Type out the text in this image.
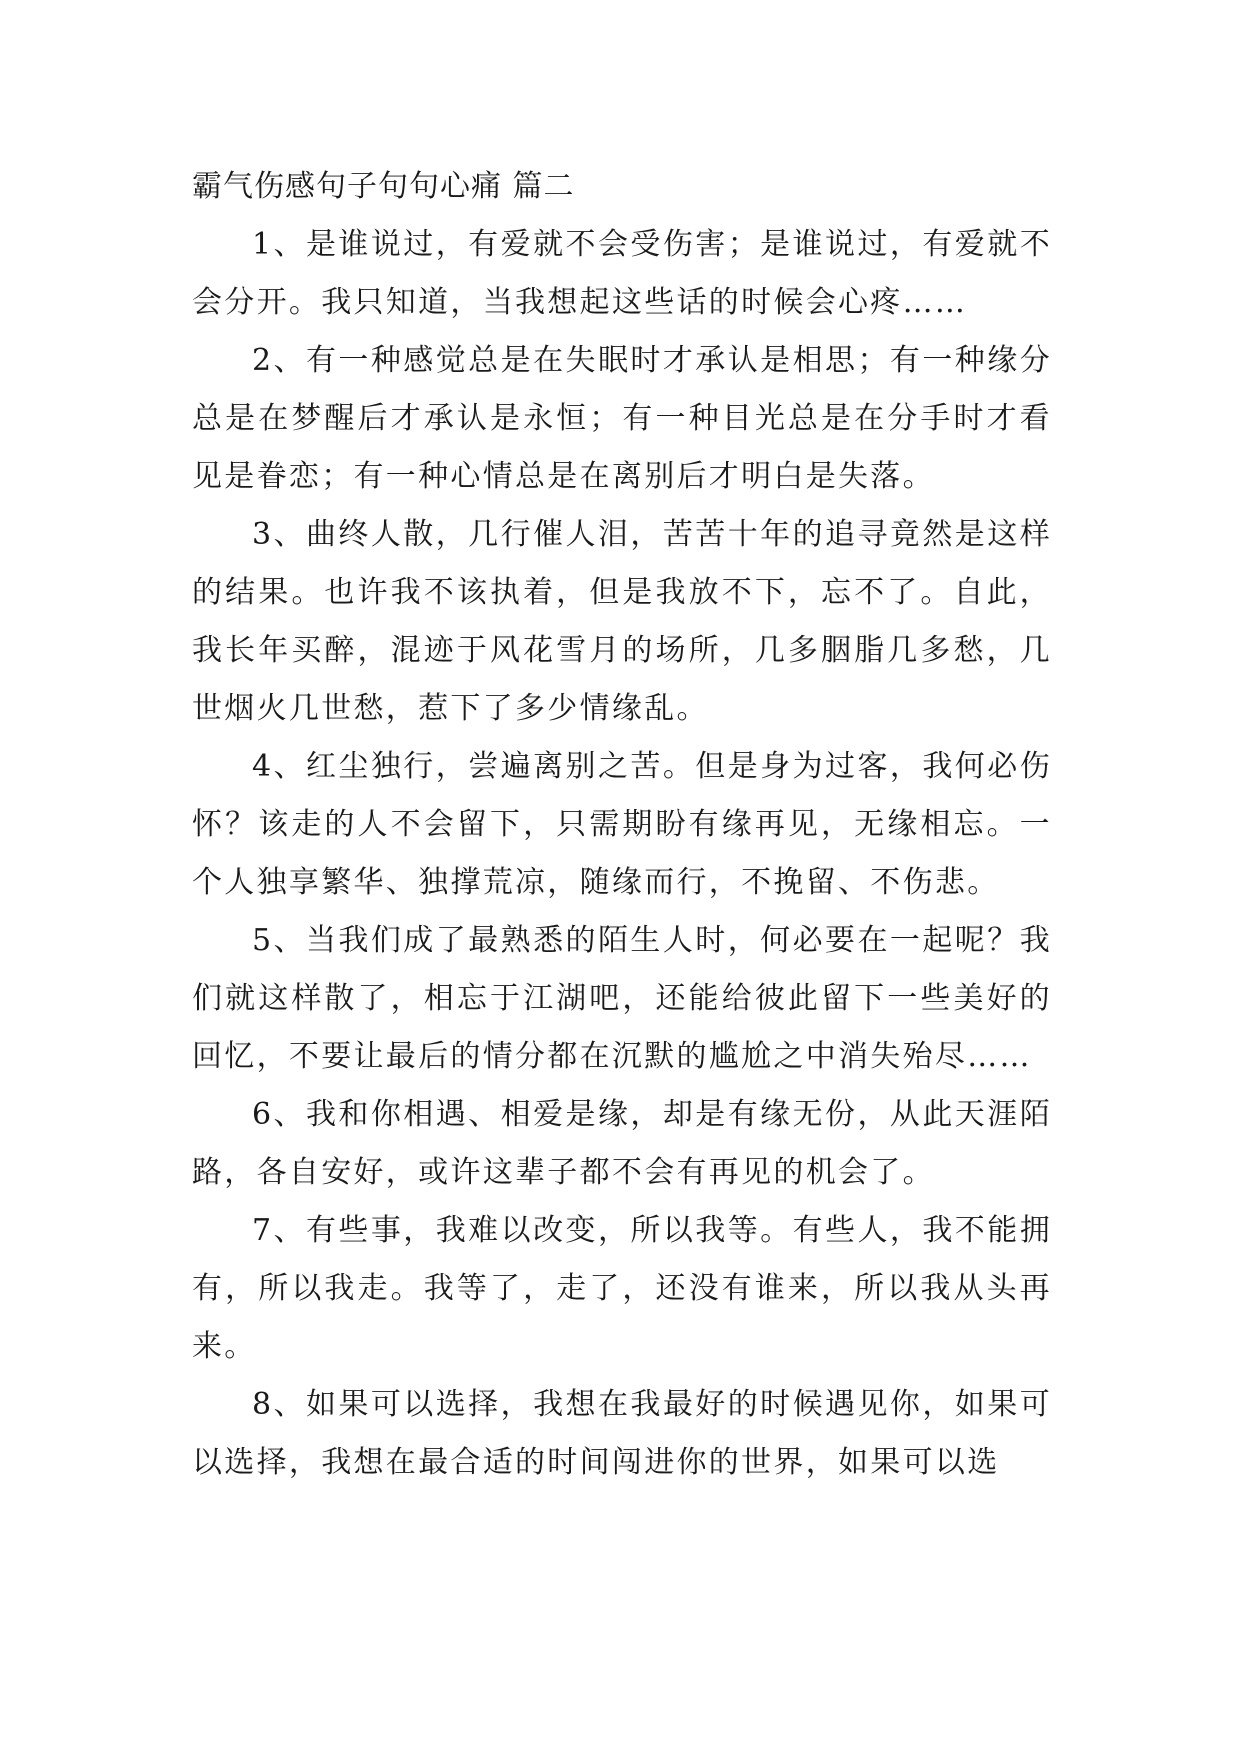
霸气伤感句子句句心痛 篇二

1、是谁说过，有爱就不会受伤害；是谁说过，有爱就不会分开。我只知道，当我想起这些话的时候会心疼……

2、有一种感觉总是在失眠时才承认是相思；有一种缘分总是在梦醒后才承认是永恒；有一种目光总是在分手时才看见是眷恋；有一种心情总是在离别后才明白是失落。

3、曲终人散，几行催人泪，苦苦十年的追寻竟然是这样的结果。也许我不该执着，但是我放不下，忘不了。自此，我长年买醉，混迹于风花雪月的场所，几多胭脂几多愁，几世烟火几世愁，惹下了多少情缘乱。

4、红尘独行，尝遍离别之苦。但是身为过客，我何必伤怀？该走的人不会留下，只需期盼有缘再见，无缘相忘。一个人独享繁华、独撑荒凉，随缘而行，不挽留、不伤悲。

5、当我们成了最熟悉的陌生人时，何必要在一起呢？我们就这样散了，相忘于江湖吧，还能给彼此留下一些美好的回忆，不要让最后的情分都在沉默的尴尬之中消失殆尽……

6、我和你相遇、相爱是缘，却是有缘无份，从此天涯陌路，各自安好，或许这辈子都不会有再见的机会了。

7、有些事，我难以改变，所以我等。有些人，我不能拥有，所以我走。我等了，走了，还没有谁来，所以我从头再来。

8、如果可以选择，我想在我最好的时候遇见你，如果可以选择，我想在最合适的时间闯进你的世界，如果可以选
